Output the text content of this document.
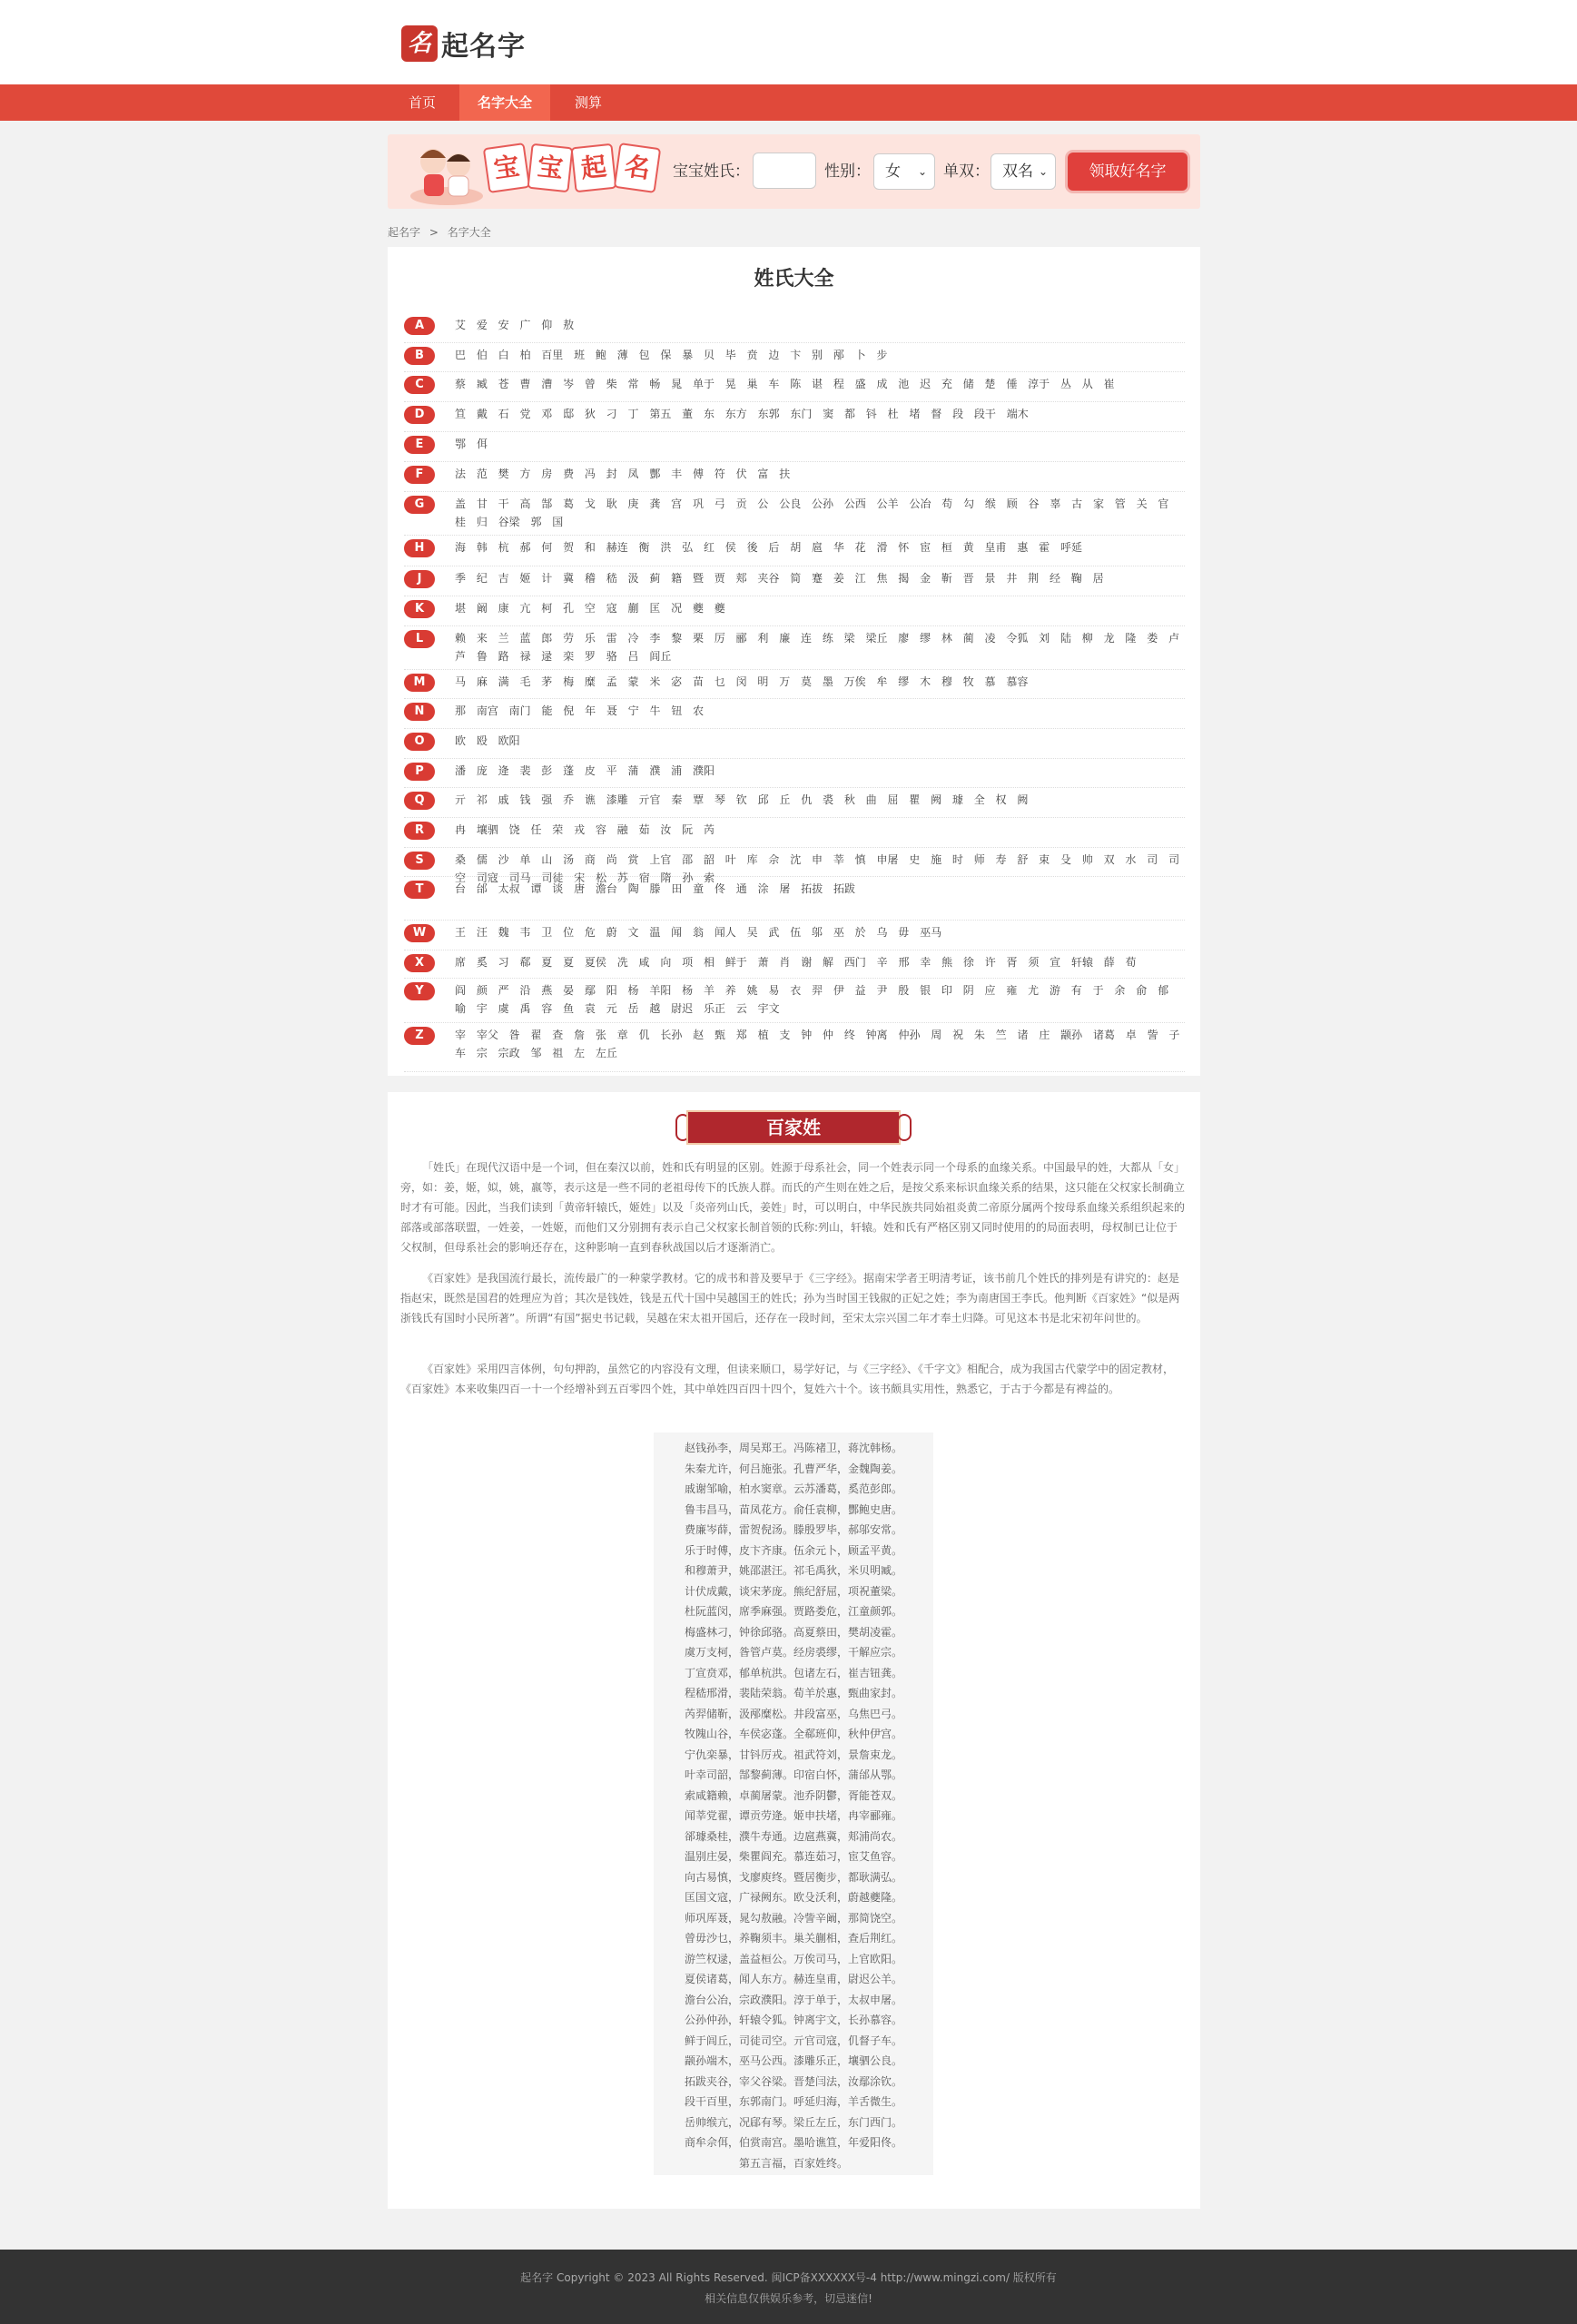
名 起名字
首页	名字大全	测算
宝 宝 起 名	宝宝姓氏：	性别： 女 ⌄ 单双： 双名 ⌄	领取好名字
起名字 > 名字大全
姓氏大全
A	艾 爱 安 广 仰 敖
B	巴 伯 白 柏 百里 班 鲍 薄 包 保 暴 贝 毕 贲 边 卞 别 邴 卜 步
C	蔡 臧 苍 曹 漕 岑 曾 柴 常 畅 晁 单于 晃 巢 车 陈 谌 程 盛 成 池 迟 充 储 楚 倕 淳于 丛 从 崔
D	笪 戴 石 党 邓 邸 狄 刁 丁 第五 董 东 东方 东郭 东门 窦 都 钭 杜 堵 督 段 段干 端木
E	鄂 佴
F	法 范 樊 方 房 费 冯 封 凤 酆 丰 傅 符 伏 富 扶
G	盖 甘 干 高 郜 葛 戈 耿 庚 龚 宫 巩 弓 贡 公 公良 公孙 公西 公羊 公冶 苟 勾 缑 顾 谷 辜 古 家 管 关 官 桂 归 谷梁 郭 国
H	海 韩 杭 郝 何 贺 和 赫连 衡 洪 弘 红 侯 後 后 胡 扈 华 花 滑 怀 宦 桓 黄 皇甫 惠 霍 呼延
J	季 纪 吉 姬 计 冀 稽 嵇 汲 蓟 籍 暨 贾 郏 夹谷 简 蹇 姜 江 焦 揭 金 靳 晋 景 井 荆 经 鞠 居
K	堪 阚 康 亢 柯 孔 空 寇 蒯 匡 况 夔 夔
L	赖 来 兰 蓝 郎 劳 乐 雷 冷 李 黎 栗 厉 郦 利 廉 连 练 梁 梁丘 廖 缪 林 蔺 凌 令狐 刘 陆 柳 龙 隆 娄 卢 芦 鲁 路 禄 逯 栾 罗 骆 吕 闾丘
M	马 麻 满 毛 茅 梅 糜 孟 蒙 米 宓 苗 乜 闵 明 万 莫 墨 万俟 牟 缪 木 穆 牧 慕 慕容
N	那 南宫 南门 能 倪 年 聂 宁 牛 钮 农
O	欧 殴 欧阳
P	潘 庞 逄 裴 彭 蓬 皮 平 蒲 濮 浦 濮阳
Q	亓 祁 戚 钱 强 乔 谯 漆雕 亓官 秦 覃 琴 钦 邱 丘 仇 裘 秋 曲 屈 瞿 阙 璩 全 权 阙
R	冉 壤驷 饶 任 荣 戎 容 融 茹 汝 阮 芮
S	桑 儒 沙 单 山 汤 商 尚 赏 上官 邵 韶 叶 库 佘 沈 申 莘 慎 申屠 史 施 时 师 寿 舒 束 殳 帅 双 水 司 司空 司寇 司马 司徒 宋 松 苏 宿 隋 孙 索
T	台 邰 太叔 谭 谈 唐 澹台 陶 滕 田 童 佟 通 涂 屠 拓拔 拓跋
W	王 汪 魏 韦 卫 位 危 蔚 文 温 闻 翁 闻人 吴 武 伍 邬 巫 於 乌 毋 巫马
X	席 奚 习 郗 夏 夏 夏侯 冼 咸 向 项 相 鲜于 萧 肖 谢 解 西门 辛 邢 幸 熊 徐 许 胥 须 宣 轩辕 薛 荀
Y	阎 颜 严 沿 燕 晏 鄢 阳 杨 羊阳 杨 羊 养 姚 易 衣 羿 伊 益 尹 殷 银 印 阴 应 雍 尤 游 有 于 余 俞 郁 喻 宇 虞 禹 容 鱼 袁 元 岳 越 尉迟 乐正 云 宇文
Z	宰 宰父 昝 翟 查 詹 张 章 仉 长孙 赵 甄 郑 植 支 钟 仲 终 钟离 仲孙 周 祝 朱 竺 诸 庄 颛孙 诸葛 卓 訾 子车 宗 宗政 邹 祖 左 左丘
百家姓
「姓氏」在现代汉语中是一个词，但在秦汉以前，姓和氏有明显的区别。姓源于母系社会，同一个姓表示同一个母系的血缘关系。中国最早的姓，大都从「女」旁，如：姜，姬，姒，姚，嬴等，表示这是一些不同的老祖母传下的氏族人群。而氏的产生则在姓之后，是按父系来标识血缘关系的结果，这只能在父权家长制确立时才有可能。因此，当我们读到「黄帝轩辕氏，姬姓」以及「炎帝列山氏，姜姓」时，可以明白，中华民族共同始祖炎黄二帝原分属两个按母系血缘关系组织起来的部落或部落联盟，一姓姜，一姓姬，而他们又分别拥有表示自己父权家长制首领的氏称:列山，轩辕。姓和氏有严格区别又同时使用的的局面表明，母权制已让位于父权制，但母系社会的影响还存在，这种影响一直到春秋战国以后才逐渐消亡。
《百家姓》是我国流行最长，流传最广的一种蒙学教材。它的成书和普及要早于《三字经》。据南宋学者王明清考证，该书前几个姓氏的排列是有讲究的：赵是指赵宋，既然是国君的姓理应为首；其次是钱姓，钱是五代十国中吴越国王的姓氏；孙为当时国王钱俶的正妃之姓；李为南唐国王李氏。他判断《百家姓》“似是两浙钱氏有国时小民所著”。所谓“有国”据史书记载，吴越在宋太祖开国后，还存在一段时间，至宋太宗兴国二年才奉土归降。可见这本书是北宋初年问世的。
《百家姓》采用四言体例，句句押韵，虽然它的内容没有文理，但读来顺口，易学好记，与《三字经》、《千字文》相配合，成为我国古代蒙学中的固定教材，《百家姓》本来收集四百一十一个经增补到五百零四个姓，其中单姓四百四十四个，复姓六十个。该书颇具实用性，熟悉它，于古于今都是有裨益的。
赵钱孙李，周吴郑王。冯陈褚卫，蒋沈韩杨。
朱秦尤许，何吕施张。孔曹严华，金魏陶姜。
戚谢邹喻，柏水窦章。云苏潘葛，奚范彭郎。
鲁韦昌马，苗凤花方。俞任袁柳，酆鲍史唐。
费廉岑薛，雷贺倪汤。滕殷罗毕，郝邬安常。
乐于时傅，皮卞齐康。伍余元卜，顾孟平黄。
和穆萧尹，姚邵湛汪。祁毛禹狄，米贝明臧。
计伏成戴，谈宋茅庞。熊纪舒屈，项祝董梁。
杜阮蓝闵，席季麻强。贾路娄危，江童颜郭。
梅盛林刁，钟徐邱骆。高夏蔡田，樊胡凌霍。
虞万支柯，昝管卢莫。经房裘缪，干解应宗。
丁宣贲邓，郁单杭洪。包诸左石，崔吉钮龚。
程嵇邢滑，裴陆荣翁。荀羊於惠，甄曲家封。
芮羿储靳，汲邴糜松。井段富巫，乌焦巴弓。
牧隗山谷，车侯宓蓬。全郗班仰，秋仲伊宫。
宁仇栾暴，甘钭厉戎。祖武符刘，景詹束龙。
叶幸司韶，郜黎蓟薄。印宿白怀，蒲邰从鄂。
索咸籍赖，卓蔺屠蒙。池乔阴鬱，胥能苍双。
闻莘党翟，谭贡劳逄。姬申扶堵，冉宰郦雍。
郤璩桑桂，濮牛寿通。边扈燕冀，郏浦尚农。
温别庄晏，柴瞿阎充。慕连茹习，宦艾鱼容。
向古易慎，戈廖庾终。暨居衡步，都耿满弘。
匡国文寇，广禄阙东。欧殳沃利，蔚越夔隆。
师巩厍聂，晁勾敖融。冷訾辛阚，那简饶空。
曾毋沙乜，养鞠须丰。巢关蒯相，查后荆红。
游竺权逯，盖益桓公。万俟司马，上官欧阳。
夏侯诸葛，闻人东方。赫连皇甫，尉迟公羊。
澹台公冶，宗政濮阳。淳于单于，太叔申屠。
公孙仲孙，轩辕令狐。钟离宇文，长孙慕容。
鲜于闾丘，司徒司空。亓官司寇，仉督子车。
颛孙端木，巫马公西。漆雕乐正，壤驷公良。
拓跋夹谷，宰父谷梁。晋楚闫法，汝鄢涂钦。
段干百里，东郭南门。呼延归海，羊舌微生。
岳帅缑亢，况郈有琴。梁丘左丘，东门西门。
商牟佘佴，伯赏南宫。墨哈谯笪，年爱阳佟。
第五言福，百家姓终。
起名字 Copyright © 2023 All Rights Reserved. 闽ICP备XXXXXX号-4 http://www.mingzi.com/ 版权所有
相关信息仅供娱乐参考，切忌迷信!
